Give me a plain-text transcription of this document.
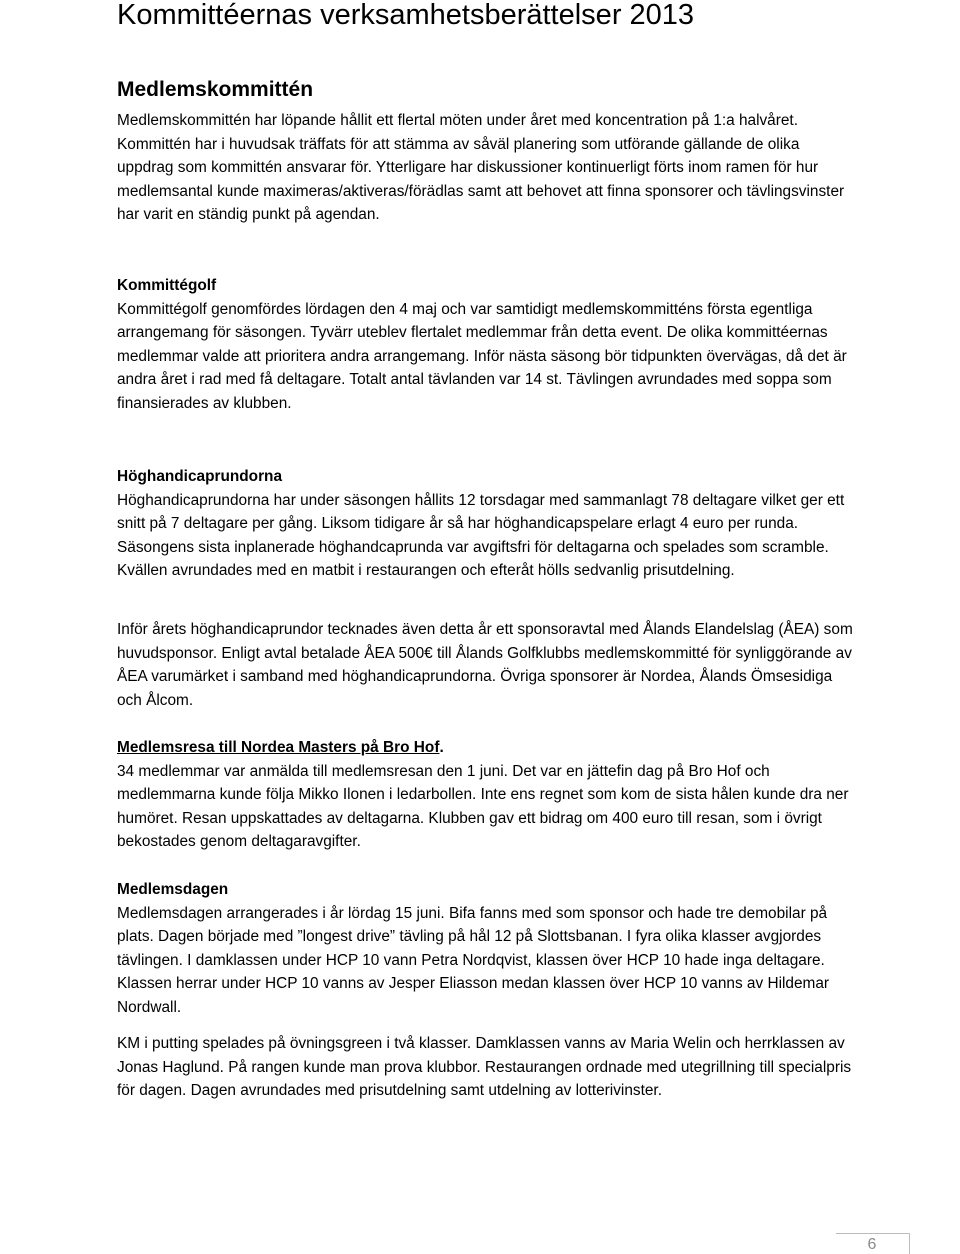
Kommittéernas verksamhetsberättelser 2013
Medlemskommittén

Medlemskommittén har löpande hållit ett flertal möten under året med koncentration på 1:a halvåret. Kommittén har i huvudsak träffats för att stämma av såväl planering som utförande gällande de olika uppdrag som kommittén ansvarar för. Ytterligare har diskussioner kontinuerligt förts inom ramen för hur medlemsantal kunde maximeras/aktiveras/förädlas samt att behovet att finna sponsorer och tävlingsvinster har varit en ständig punkt på agendan.

Kommittégolf
Kommittégolf genomfördes lördagen den 4 maj och var samtidigt medlemskommitténs första egentliga arrangemang för säsongen. Tyvärr uteblev flertalet medlemmar från detta event. De olika kommittéernas medlemmar valde att prioritera andra arrangemang. Inför nästa säsong bör tidpunkten övervägas, då det är andra året i rad med få deltagare. Totalt antal tävlanden var 14 st. Tävlingen avrundades med soppa som finansierades av klubben.
Höghandicaprundorna
Höghandicaprundorna har under säsongen hållits 12 torsdagar med sammanlagt 78 deltagare vilket ger ett snitt på 7 deltagare per gång. Liksom tidigare år så har höghandicapspelare erlagt 4 euro per runda. Säsongens sista inplanerade höghandcaprunda var avgiftsfri för deltagarna och spelades som scramble. Kvällen avrundades med en matbit i restaurangen och efteråt hölls sedvanlig prisutdelning.

Inför årets höghandicaprundor tecknades även detta år ett sponsoravtal med Ålands Elandelslag (ÅEA) som huvudsponsor. Enligt avtal betalade ÅEA 500€ till Ålands Golfklubbs medlemskommitté för synliggörande av ÅEA varumärket i samband med höghandicaprundorna. Övriga sponsorer är Nordea, Ålands Ömsesidiga och Ålcom.

Medlemsresa till Nordea Masters på Bro Hof.
34 medlemmar var anmälda till medlemsresan den 1 juni. Det var en jättefin dag på Bro Hof och medlemmarna kunde följa Mikko Ilonen i ledarbollen. Inte ens regnet som kom de sista hålen kunde dra ner humöret. Resan uppskattades av deltagarna. Klubben gav ett bidrag om 400 euro till resan, som i övrigt bekostades genom deltagaravgifter.
Medlemsdagen
Medlemsdagen arrangerades i år lördag 15 juni. Bifa fanns med som sponsor och hade tre demobilar på plats. Dagen började med ”longest drive” tävling på hål 12 på Slottsbanan. I fyra olika klasser avgjordes tävlingen. I damklassen under HCP 10 vann Petra Nordqvist, klassen över HCP 10 hade inga deltagare. Klassen herrar under HCP 10 vanns av Jesper Eliasson medan klassen över HCP 10 vanns av Hildemar Nordwall.

KM i putting spelades på övningsgreen i två klasser. Damklassen vanns av Maria Welin och herrklassen av Jonas Haglund. På rangen kunde man prova klubbor. Restaurangen ordnade med utegrillning till specialpris för dagen. Dagen avrundades med prisutdelning samt utdelning av lotterivinster.

6
